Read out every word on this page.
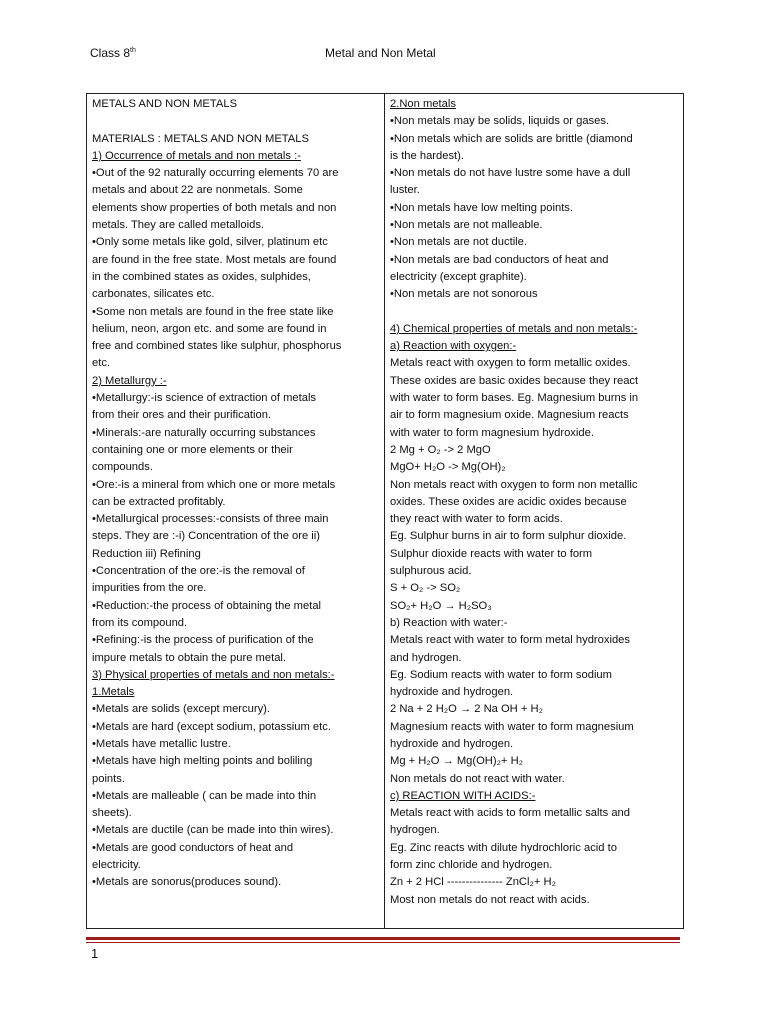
Class 8th	Metal and Non Metal
METALS AND NON METALS
MATERIALS : METALS AND NON METALS
1) Occurrence of metals and non metals :-
•Out of the 92 naturally occurring elements 70 are
metals and about 22 are nonmetals. Some
elements show properties of both metals and non
metals. They are called metalloids.
•Only some metals like gold, silver, platinum etc
are found in the free state. Most metals are found
in the combined states as oxides, sulphides,
carbonates, silicates etc.
•Some non metals are found in the free state like
helium, neon, argon etc. and some are found in
free and combined states like sulphur, phosphorus
etc.
2) Metallurgy :-
•Metallurgy:-is science of extraction of metals
from their ores and their purification.
•Minerals:-are naturally occurring substances
containing one or more elements or their
compounds.
•Ore:-is a mineral from which one or more metals
can be extracted profitably.
•Metallurgical processes:-consists of three main
steps. They are :-i) Concentration of the ore ii)
Reduction iii) Refining
•Concentration of the ore:-is the removal of
impurities from the ore.
•Reduction:-the process of obtaining the metal
from its compound.
•Refining:-is the process of purification of the
impure metals to obtain the pure metal.
3) Physical properties of metals and non metals:-
1.Metals
•Metals are solids (except mercury).
•Metals are hard (except sodium, potassium etc.
•Metals have metallic lustre.
•Metals have high melting points and boliling
points.
•Metals are malleable ( can be made into thin
sheets).
•Metals are ductile (can be made into thin wires).
•Metals are good conductors of heat and
electricity.
•Metals are sonorus(produces sound).
2.Non metals
•Non metals may be solids, liquids or gases.
•Non metals which are solids are brittle (diamond
is the hardest).
•Non metals do not have lustre some have a dull
luster.
•Non metals have low melting points.
•Non metals are not malleable.
•Non metals are not ductile.
•Non metals are bad conductors of heat and
electricity (except graphite).
•Non metals are not sonorous
4) Chemical properties of metals and non metals:-
a) Reaction with oxygen:-
Metals react with oxygen to form metallic oxides.
These oxides are basic oxides because they react
with water to form bases. Eg. Magnesium burns in
air to form magnesium oxide. Magnesium reacts
with water to form magnesium hydroxide.
2 Mg + O₂ -> 2 MgO
MgO+ H₂O -> Mg(OH)₂
Non metals react with oxygen to form non metallic
oxides. These oxides are acidic oxides because
they react with water to form acids.
Eg. Sulphur burns in air to form sulphur dioxide.
Sulphur dioxide reacts with water to form
sulphurous acid.
S + O₂ -> SO₂
SO₂+ H₂O → H₂SO₃
b) Reaction with water:-
Metals react with water to form metal hydroxides
and hydrogen.
Eg. Sodium reacts with water to form sodium
hydroxide and hydrogen.
2 Na + 2 H₂O → 2 Na OH + H₂
Magnesium reacts with water to form magnesium
hydroxide and hydrogen.
Mg + H₂O → Mg(OH)₂+ H₂
Non metals do not react with water.
c) REACTION WITH ACIDS:-
Metals react with acids to form metallic salts and
hydrogen.
Eg. Zinc reacts with dilute hydrochloric acid to
form zinc chloride and hydrogen.
Zn + 2 HCl --------------- ZnCl₂+ H₂
Most non metals do not react with acids.
1
